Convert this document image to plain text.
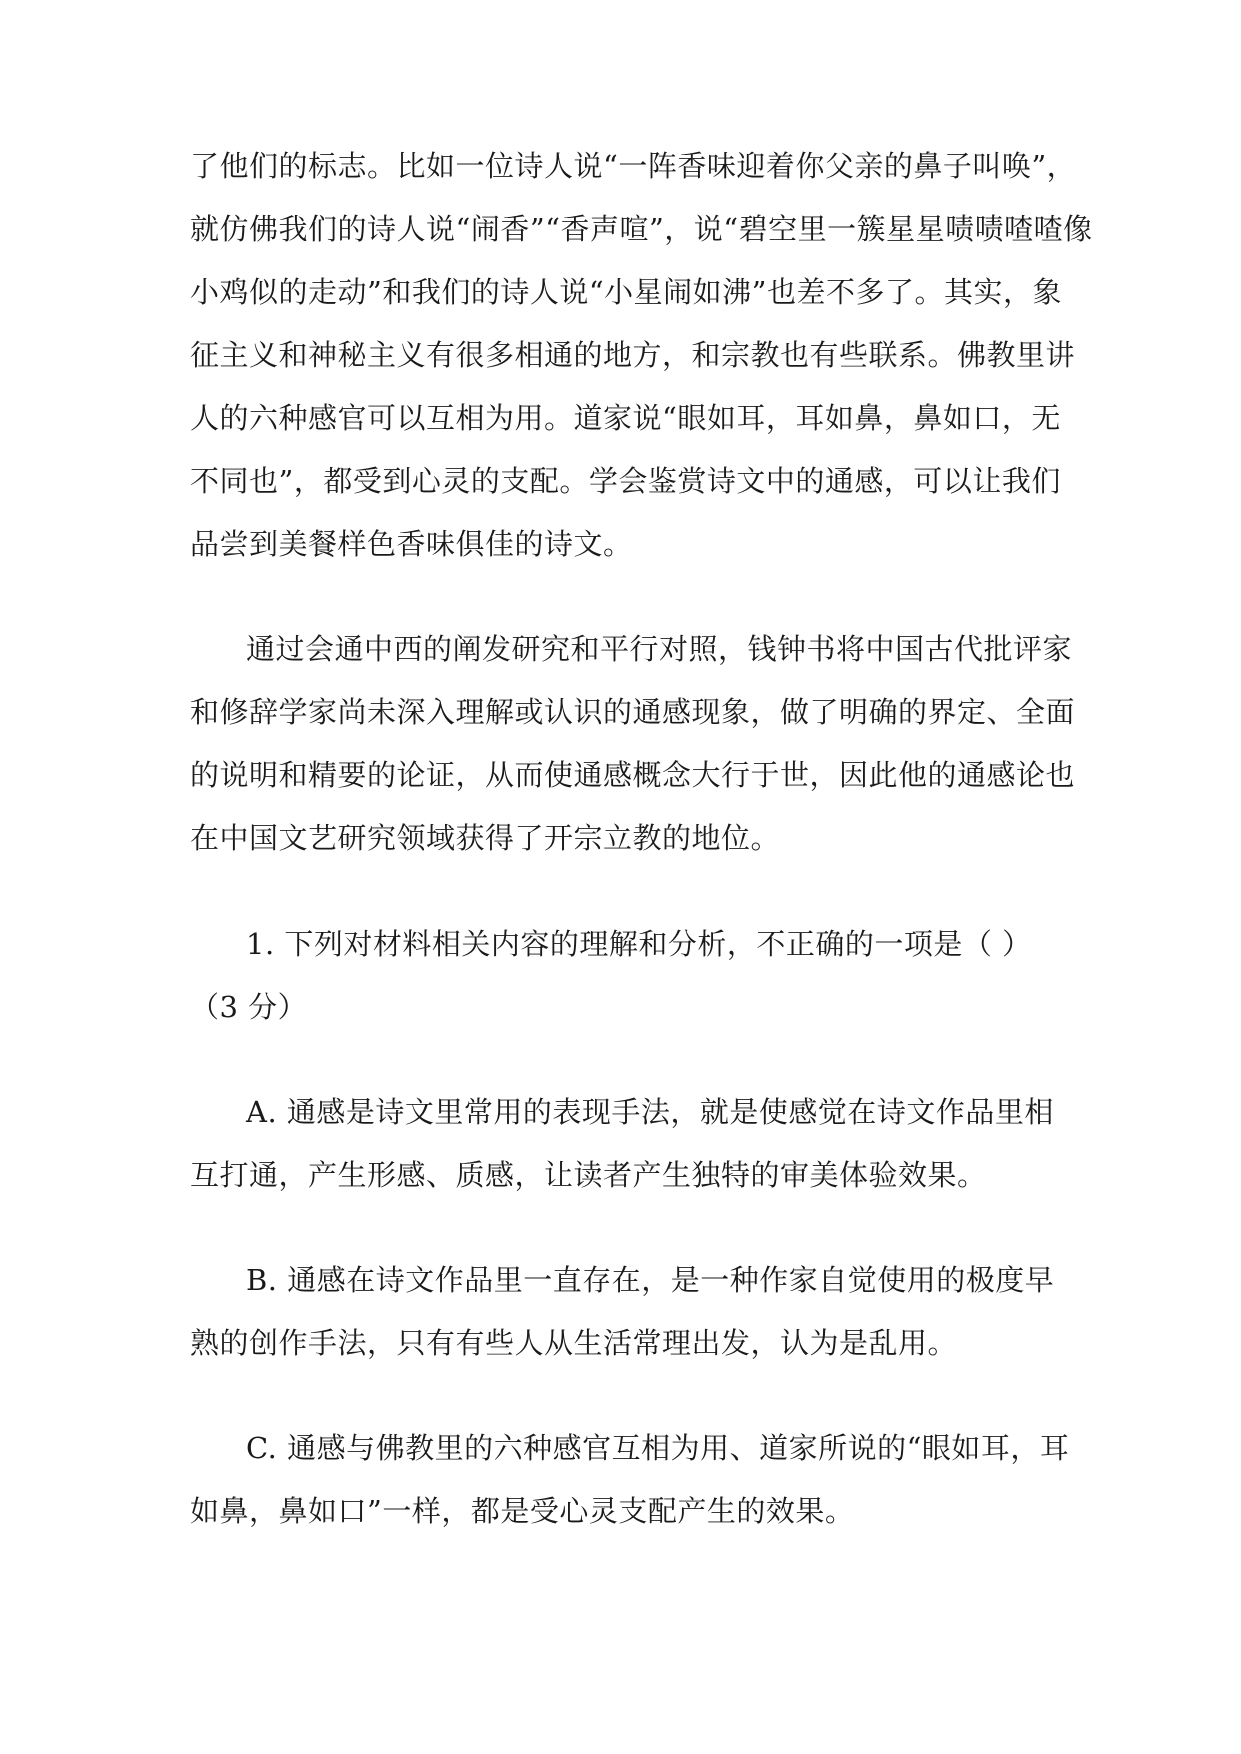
了他们的标志。比如一位诗人说“一阵香味迎着你父亲的鼻子叫唤”，
就仿佛我们的诗人说“闹香”“香声喧”，说“碧空里一簇星星啧啧喳喳像
小鸡似的走动”和我们的诗人说“小星闹如沸”也差不多了。其实，象
征主义和神秘主义有很多相通的地方，和宗教也有些联系。佛教里讲
人的六种感官可以互相为用。道家说“眼如耳，耳如鼻，鼻如口，无
不同也”，都受到心灵的支配。学会鉴赏诗文中的通感，可以让我们
品尝到美餐样色香味俱佳的诗文。
通过会通中西的阐发研究和平行对照，钱钟书将中国古代批评家
和修辞学家尚未深入理解或认识的通感现象，做了明确的界定、全面
的说明和精要的论证，从而使通感概念大行于世，因此他的通感论也
在中国文艺研究领域获得了开宗立教的地位。
1. 下列对材料相关内容的理解和分析，不正确的一项是（ ）
（3 分）
A. 通感是诗文里常用的表现手法，就是使感觉在诗文作品里相
互打通，产生形感、质感，让读者产生独特的审美体验效果。
B. 通感在诗文作品里一直存在，是一种作家自觉使用的极度早
熟的创作手法，只有有些人从生活常理出发，认为是乱用。
C. 通感与佛教里的六种感官互相为用、道家所说的“眼如耳，耳
如鼻，鼻如口”一样，都是受心灵支配产生的效果。
